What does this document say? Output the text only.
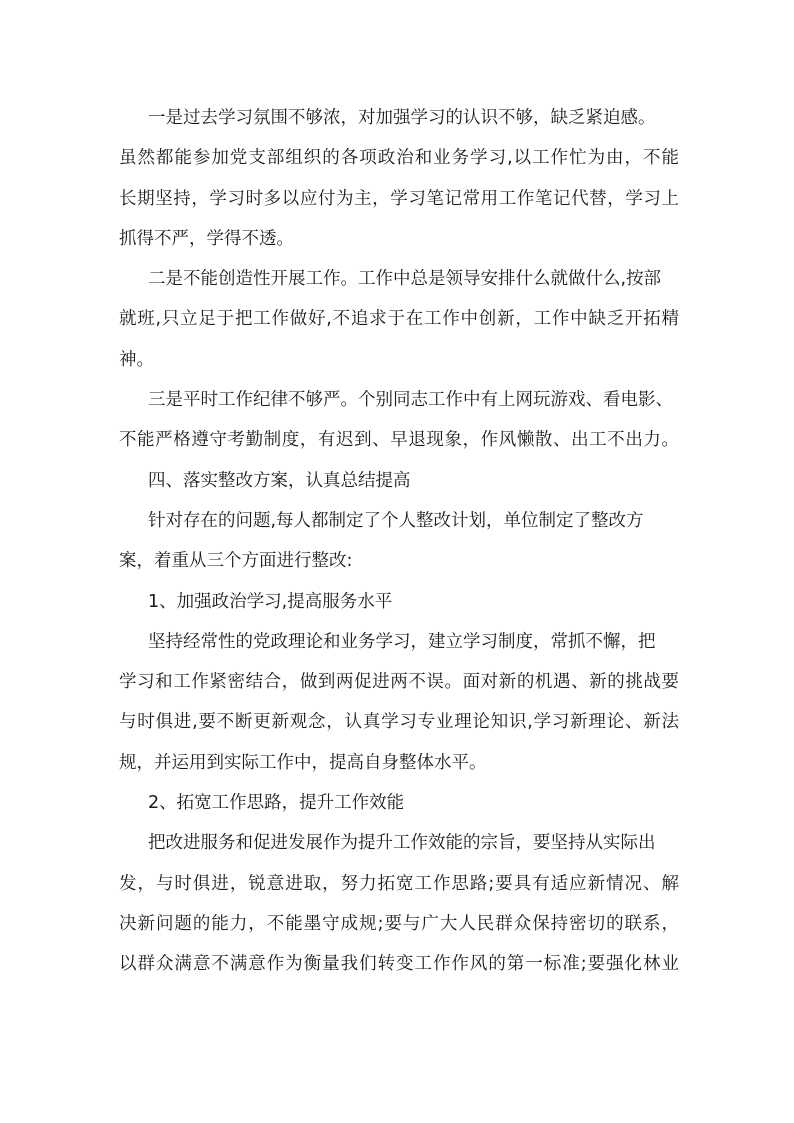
一是过去学习氛围不够浓，对加强学习的认识不够，缺乏紧迫感。
虽然都能参加党支部组织的各项政治和业务学习,以工作忙为由，不能
长期坚持，学习时多以应付为主，学习笔记常用工作笔记代替，学习上
抓得不严，学得不透。
二是不能创造性开展工作。工作中总是领导安排什么就做什么,按部
就班,只立足于把工作做好,不追求于在工作中创新，工作中缺乏开拓精
神。
三是平时工作纪律不够严。个别同志工作中有上网玩游戏、看电影、
不能严格遵守考勤制度，有迟到、早退现象，作风懒散、出工不出力。
四、落实整改方案，认真总结提高
针对存在的问题,每人都制定了个人整改计划，单位制定了整改方
案，着重从三个方面进行整改:
1、加强政治学习,提高服务水平
坚持经常性的党政理论和业务学习，建立学习制度，常抓不懈，把
学习和工作紧密结合，做到两促进两不误。面对新的机遇、新的挑战要
与时俱进,要不断更新观念，认真学习专业理论知识,学习新理论、新法
规，并运用到实际工作中，提高自身整体水平。
2、拓宽工作思路，提升工作效能
把改进服务和促进发展作为提升工作效能的宗旨，要坚持从实际出
发，与时俱进，锐意进取，努力拓宽工作思路;要具有适应新情况、解
决新问题的能力，不能墨守成规;要与广大人民群众保持密切的联系，
以群众满意不满意作为衡量我们转变工作作风的第一标准;要强化林业
